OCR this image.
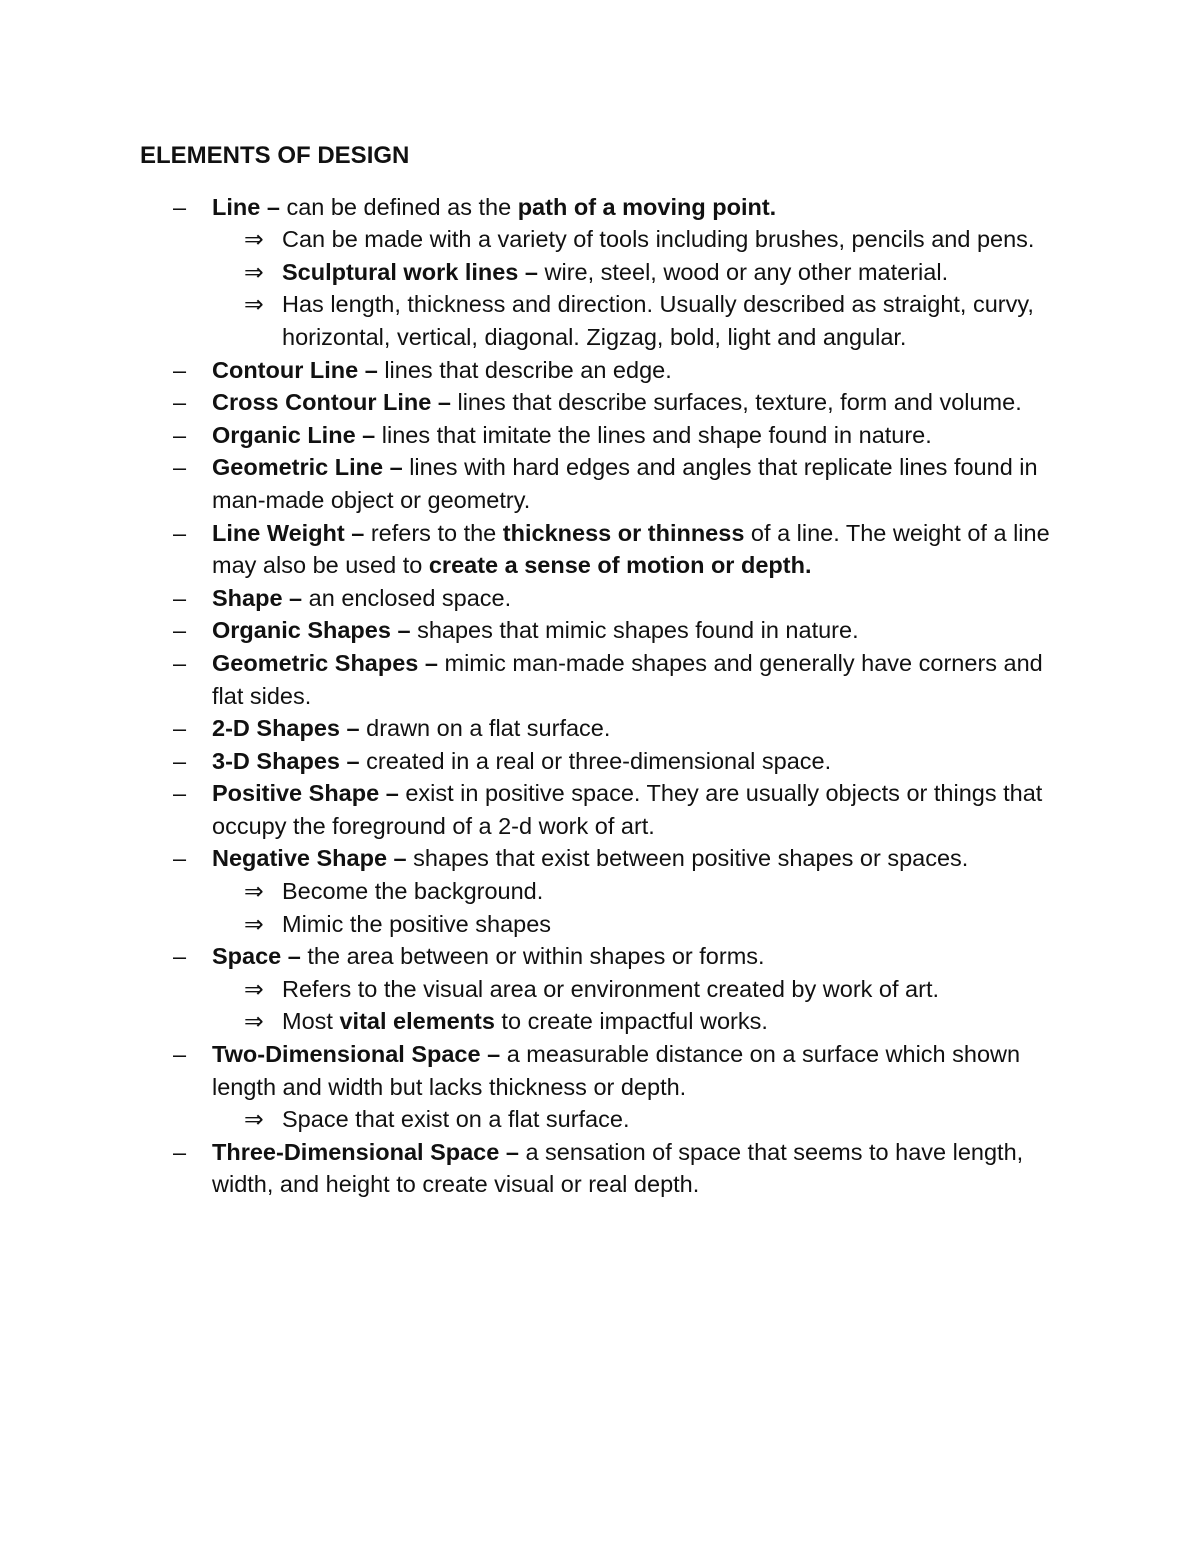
ELEMENTS OF DESIGN
– Line – can be defined as the path of a moving point.
⇒ Can be made with a variety of tools including brushes, pencils and pens.
⇒ Sculptural work lines – wire, steel, wood or any other material.
⇒ Has length, thickness and direction. Usually described as straight, curvy, horizontal, vertical, diagonal. Zigzag, bold, light and angular.
– Contour Line – lines that describe an edge.
– Cross Contour Line – lines that describe surfaces, texture, form and volume.
– Organic Line – lines that imitate the lines and shape found in nature.
– Geometric Line – lines with hard edges and angles that replicate lines found in man-made object or geometry.
– Line Weight – refers to the thickness or thinness of a line. The weight of a line may also be used to create a sense of motion or depth.
– Shape – an enclosed space.
– Organic Shapes – shapes that mimic shapes found in nature.
– Geometric Shapes – mimic man-made shapes and generally have corners and flat sides.
– 2-D Shapes – drawn on a flat surface.
– 3-D Shapes – created in a real or three-dimensional space.
– Positive Shape – exist in positive space. They are usually objects or things that occupy the foreground of a 2-d work of art.
– Negative Shape – shapes that exist between positive shapes or spaces.
⇒ Become the background.
⇒ Mimic the positive shapes
– Space – the area between or within shapes or forms.
⇒ Refers to the visual area or environment created by work of art.
⇒ Most vital elements to create impactful works.
– Two-Dimensional Space – a measurable distance on a surface which shown length and width but lacks thickness or depth.
⇒ Space that exist on a flat surface.
– Three-Dimensional Space – a sensation of space that seems to have length, width, and height to create visual or real depth.
